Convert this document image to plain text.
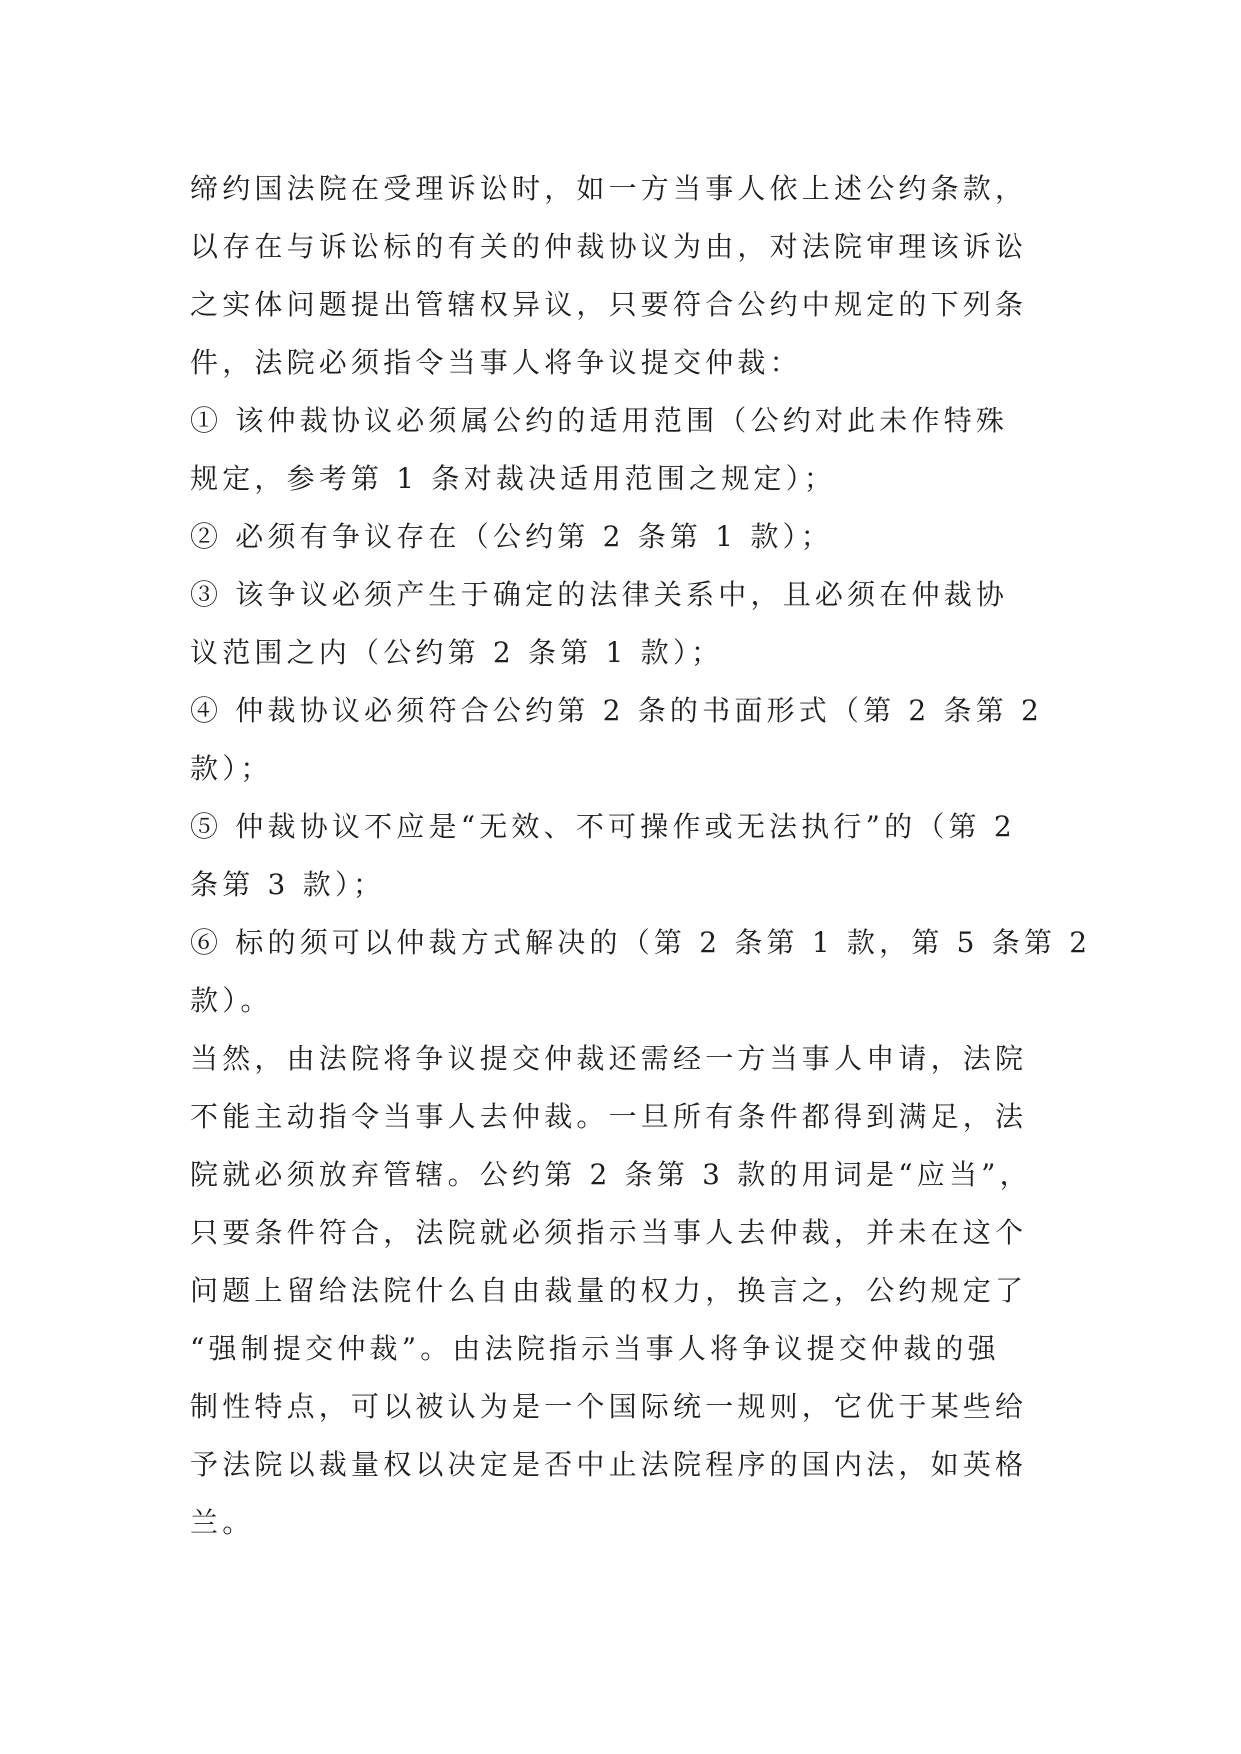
缔约国法院在受理诉讼时，如一方当事人依上述公约条款，
以存在与诉讼标的有关的仲裁协议为由，对法院审理该诉讼
之实体问题提出管辖权异议，只要符合公约中规定的下列条
件，法院必须指令当事人将争议提交仲裁：
① 该仲裁协议必须属公约的适用范围（公约对此未作特殊
规定，参考第 1 条对裁决适用范围之规定）；
② 必须有争议存在（公约第 2 条第 1 款）；
③ 该争议必须产生于确定的法律关系中，且必须在仲裁协
议范围之内（公约第 2 条第 1 款）；
④ 仲裁协议必须符合公约第 2 条的书面形式（第 2 条第 2
款）；
⑤ 仲裁协议不应是“无效、不可操作或无法执行”的（第 2
条第 3 款）；
⑥ 标的须可以仲裁方式解决的（第 2 条第 1 款，第 5 条第 2
款）。
当然，由法院将争议提交仲裁还需经一方当事人申请，法院
不能主动指令当事人去仲裁。一旦所有条件都得到满足，法
院就必须放弃管辖。公约第 2 条第 3 款的用词是“应当”，
只要条件符合，法院就必须指示当事人去仲裁，并未在这个
问题上留给法院什么自由裁量的权力，换言之，公约规定了
“强制提交仲裁”。由法院指示当事人将争议提交仲裁的强
制性特点，可以被认为是一个国际统一规则，它优于某些给
予法院以裁量权以决定是否中止法院程序的国内法，如英格
兰。
